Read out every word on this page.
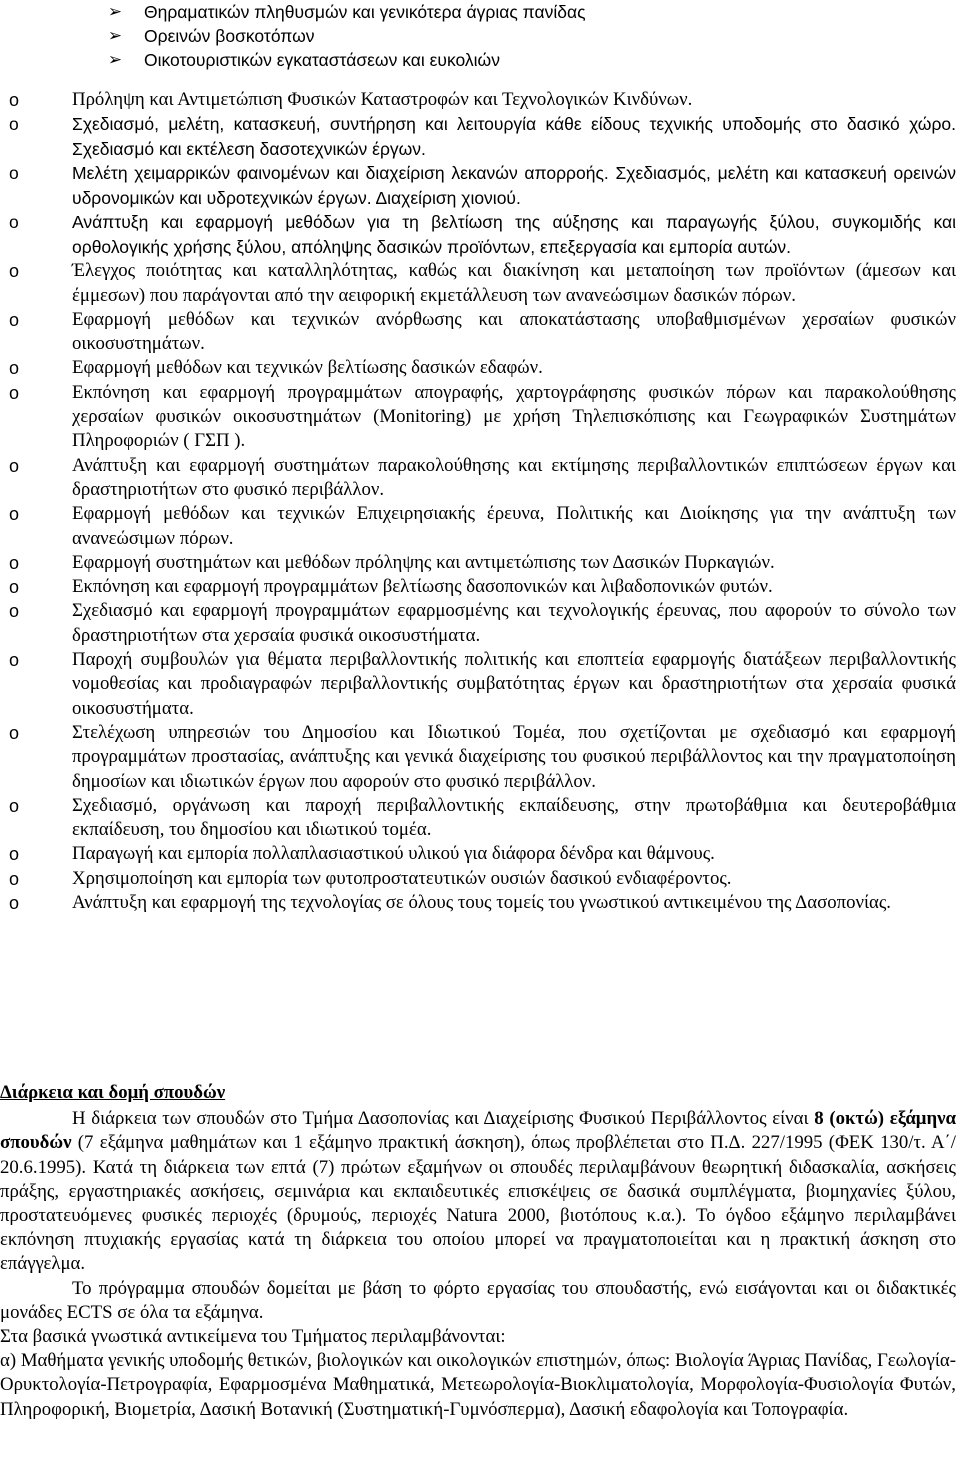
➢ Θηραματικών πληθυσμών και γενικότερα άγριας πανίδας
➢ Ορεινών βοσκοτόπων
➢ Οικοτουριστικών εγκαταστάσεων και ευκολιών
o	Πρόληψη και Αντιμετώπιση Φυσικών Καταστροφών και Τεχνολογικών Κινδύνων.
o	Σχεδιασμό, μελέτη, κατασκευή, συντήρηση και λειτουργία κάθε είδους τεχνικής υποδομής στο δασικό χώρο. Σχεδιασμό και εκτέλεση δασοτεχνικών έργων.
o	Μελέτη χειμαρρικών φαινομένων και διαχείριση λεκανών απορροής. Σχεδιασμός, μελέτη και κατασκευή ορεινών υδρονομικών και υδροτεχνικών έργων. Διαχείριση χιονιού.
o	Ανάπτυξη και εφαρμογή μεθόδων για τη βελτίωση της αύξησης και παραγωγής ξύλου, συγκομιδής και ορθολογικής χρήσης ξύλου, απόληψης δασικών προϊόντων, επεξεργασία και εμπορία αυτών.
o	Έλεγχος ποιότητας και καταλληλότητας, καθώς και διακίνηση και μεταποίηση των προϊόντων (άμεσων και έμμεσων) που παράγονται από την αειφορική εκμετάλλευση των ανανεώσιμων δασικών πόρων.
o	Εφαρμογή μεθόδων και τεχνικών ανόρθωσης και αποκατάστασης υποβαθμισμένων χερσαίων φυσικών οικοσυστημάτων.
o	Εφαρμογή μεθόδων και τεχνικών βελτίωσης δασικών εδαφών.
o	Εκπόνηση και εφαρμογή προγραμμάτων απογραφής, χαρτογράφησης φυσικών πόρων και παρακολούθησης χερσαίων φυσικών οικοσυστημάτων (Monitoring) με χρήση Τηλεπισκόπισης και Γεωγραφικών Συστημάτων Πληροφοριών ( ΓΣΠ ).
o	Ανάπτυξη και εφαρμογή συστημάτων παρακολούθησης και εκτίμησης περιβαλλοντικών επιπτώσεων έργων και δραστηριοτήτων στο φυσικό περιβάλλον.
o	Εφαρμογή μεθόδων και τεχνικών Επιχειρησιακής έρευνα, Πολιτικής και Διοίκησης για την ανάπτυξη των ανανεώσιμων πόρων.
o	Εφαρμογή συστημάτων και μεθόδων πρόληψης και αντιμετώπισης των Δασικών Πυρκαγιών.
o	Εκπόνηση και εφαρμογή προγραμμάτων βελτίωσης δασοπονικών και λιβαδοπονικών φυτών.
o	Σχεδιασμό και εφαρμογή προγραμμάτων εφαρμοσμένης και τεχνολογικής έρευνας, που αφορούν το σύνολο των δραστηριοτήτων στα χερσαία φυσικά οικοσυστήματα.
o	Παροχή συμβουλών για θέματα περιβαλλοντικής πολιτικής και εποπτεία εφαρμογής διατάξεων περιβαλλοντικής νομοθεσίας και προδιαγραφών περιβαλλοντικής συμβατότητας έργων και δραστηριοτήτων στα χερσαία φυσικά οικοσυστήματα.
o	Στελέχωση υπηρεσιών του Δημοσίου και Ιδιωτικού Τομέα, που σχετίζονται με σχεδιασμό και εφαρμογή προγραμμάτων προστασίας, ανάπτυξης και γενικά διαχείρισης του φυσικού περιβάλλοντος και την πραγματοποίηση δημοσίων και ιδιωτικών έργων που αφορούν στο φυσικό περιβάλλον.
o	Σχεδιασμό, οργάνωση και παροχή περιβαλλοντικής εκπαίδευσης, στην πρωτοβάθμια και δευτεροβάθμια εκπαίδευση, του δημοσίου και ιδιωτικού τομέα.
o	Παραγωγή και εμπορία πολλαπλασιαστικού υλικού για διάφορα δένδρα και θάμνους.
o	Χρησιμοποίηση και εμπορία των φυτοπροστατευτικών ουσιών δασικού ενδιαφέροντος.
o	Ανάπτυξη και εφαρμογή της τεχνολογίας σε όλους τους τομείς του γνωστικού αντικειμένου της Δασοπονίας.
Διάρκεια και δομή σπουδών

Η διάρκεια των σπουδών στο Τμήμα Δασοπονίας και Διαχείρισης Φυσικού Περιβάλλοντος είναι 8 (οκτώ) εξάμηνα σπουδών (7 εξάμηνα μαθημάτων και 1 εξάμηνο πρακτική άσκηση), όπως προβλέπεται στο Π.Δ. 227/1995 (ΦΕΚ 130/τ. Α΄/ 20.6.1995). Κατά τη διάρκεια των επτά (7) πρώτων εξαμήνων οι σπουδές περιλαμβάνουν θεωρητική διδασκαλία, ασκήσεις πράξης, εργαστηριακές ασκήσεις, σεμινάρια και εκπαιδευτικές επισκέψεις σε δασικά συμπλέγματα, βιομηχανίες ξύλου, προστατευόμενες φυσικές περιοχές (δρυμούς, περιοχές Natura 2000, βιοτόπους κ.α.). Το όγδοο εξάμηνο περιλαμβάνει εκπόνηση πτυχιακής εργασίας κατά τη διάρκεια του οποίου μπορεί να πραγματοποιείται και η πρακτική άσκηση στο επάγγελμα.

Το πρόγραμμα σπουδών δομείται με βάση το φόρτο εργασίας του σπουδαστής, ενώ εισάγονται και οι διδακτικές μονάδες ECTS σε όλα τα εξάμηνα.

Στα βασικά γνωστικά αντικείμενα του Τμήματος περιλαμβάνονται:

α) Μαθήματα γενικής υποδομής θετικών, βιολογικών και οικολογικών επιστημών, όπως: Βιολογία Άγριας Πανίδας, Γεωλογία-Ορυκτολογία-Πετρογραφία, Εφαρμοσμένα Μαθηματικά, Μετεωρολογία-Βιοκλιματολογία, Μορφολογία-Φυσιολογία Φυτών, Πληροφορική, Βιομετρία, Δασική Βοτανική (Συστηματική-Γυμνόσπερμα), Δασική εδαφολογία και Τοπογραφία.
